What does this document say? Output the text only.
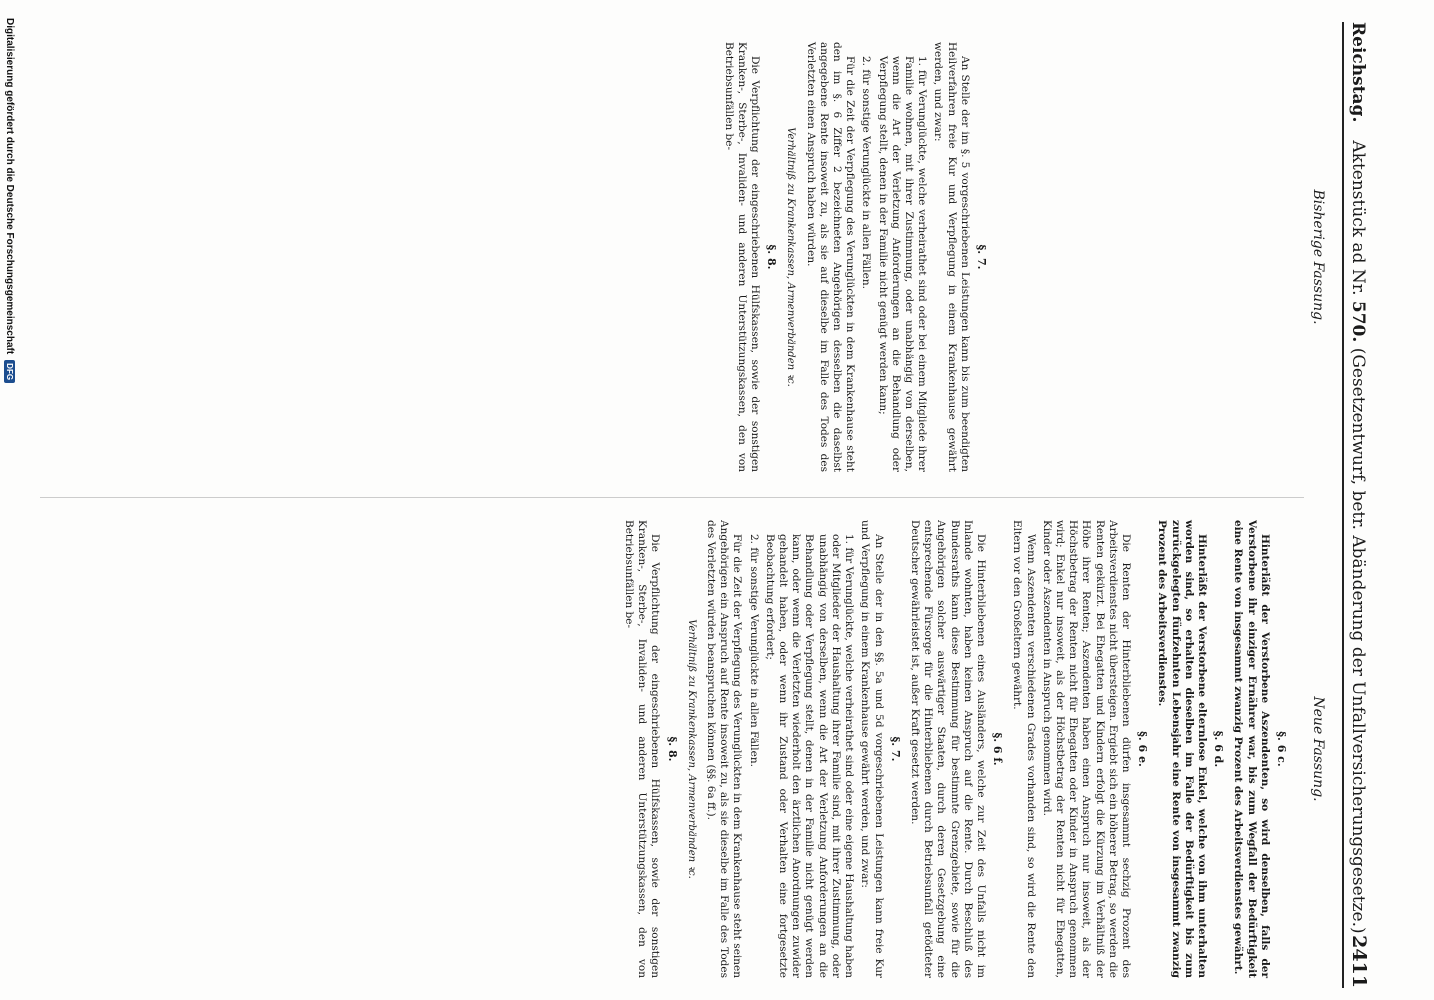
Reichstag.
Aktenstück ad Nr. 570. (Gesetzentwurf, betr. Abänderung der Unfallversicherungsgesetze.)
2411
Bisherige Fassung.
Neue Fassung.
§. 7.

An Stelle der im §. 5 vorgeschriebenen Leistungen kann bis zum beendigten Heilverfahren freie Kur und Verpflegung in einem Krankenhause gewährt werden, und zwar:

1. für Verunglückte, welche verheirathet sind oder bei einem Mitgliede ihrer Familie wohnen, mit ihrer Zustimmung, oder unabhängig von derselben, wenn die Art der Verletzung Anforderungen an die Behandlung oder Verpflegung stellt, denen in der Familie nicht genügt werden kann;

2. für sonstige Verunglückte in allen Fällen.

Für die Zeit der Verpflegung des Verunglückten in dem Krankenhause steht den im §. 6 Ziffer 2 bezeichneten Angehörigen desselben die daselbst angegebene Rente insoweit zu, als sie auf dieselbe im Falle des Todes des Verletzten einen Anspruch haben würden.

Verhältniß zu Krankenkassen, Armenverbänden ꝛc.
§. 8.

Die Verpflichtung der eingeschriebenen Hülfskassen, sowie der sonstigen Kranken-, Sterbe-, Invaliden- und anderen Unterstützungskassen, den von Betriebsunfällen be-

§. 6 c.

Hinterläßt der Verstorbene Aszendenten, so wird denselben, falls der Verstorbene ihr einziger Ernährer war, bis zum Wegfall der Bedürftigkeit eine Rente von insgesammt zwanzig Prozent des Arbeitsverdienstes gewährt.

§. 6 d.

Hinterläßt der Verstorbene elternlose Enkel, welche von ihm unterhalten worden sind, so erhalten dieselben im Falle der Bedürftigkeit bis zum zurückgelegten fünfzehnten Lebensjahr eine Rente von insgesammt zwanzig Prozent des Arbeitsverdienstes.

§. 6 e.

Die Renten der Hinterbliebenen dürfen insgesammt sechzig Prozent des Arbeitsverdienstes nicht übersteigen. Ergiebt sich ein höherer Betrag, so werden die Renten gekürzt. Bei Ehegatten und Kindern erfolgt die Kürzung im Verhältniß der Höhe ihrer Renten; Aszendenten haben einen Anspruch nur insoweit, als der Höchstbetrag der Renten nicht für Ehegatten oder Kinder in Anspruch genommen wird; Enkel nur insoweit, als der Höchstbetrag der Renten nicht für Ehegatten, Kinder oder Aszendenten in Anspruch genommen wird.

Wenn Aszendenten verschiedenen Grades vorhanden sind, so wird die Rente den Eltern vor den Großeltern gewährt.

§. 6 f.

Die Hinterbliebenen eines Ausländers, welche zur Zeit des Unfalls nicht im Inlande wohnten, haben keinen Anspruch auf die Rente. Durch Beschluß des Bundesraths kann diese Bestimmung für bestimmte Grenzgebiete, sowie für die Angehörigen solcher auswärtiger Staaten, durch deren Gesetzgebung eine entsprechende Fürsorge für die Hinterbliebenen durch Betriebsunfall getödteter Deutscher gewährleistet ist, außer Kraft gesetzt werden.

§. 7.

An Stelle der in den §§. 5a und 5d vorgeschriebenen Leistungen kann freie Kur und Verpflegung in einem Krankenhause gewährt werden, und zwar:

1. für Verunglückte, welche verheirathet sind oder eine eigene Haushaltung haben oder Mitglieder der Haushaltung ihrer Familie sind, mit ihrer Zustimmung, oder unabhängig von derselben, wenn die Art der Verletzung Anforderungen an die Behandlung oder Verpflegung stellt, denen in der Familie nicht genügt werden kann, oder wenn die Verletzten wiederholt den ärztlichen Anordnungen zuwider gehandelt haben, oder wenn ihr Zustand oder Verhalten eine fortgesetzte Beobachtung erfordert;

2. für sonstige Verunglückte in allen Fällen.

Für die Zeit der Verpflegung des Verunglückten in dem Krankenhause steht seinen Angehörigen ein Anspruch auf Rente insoweit zu, als sie dieselbe im Falle des Todes des Verletzten würden beanspruchen können (§§. 6a ff.).

Verhältniß zu Krankenkassen, Armenverbänden ꝛc.
§. 8.

Die Verpflichtung der eingeschriebenen Hülfskassen, sowie der sonstigen Kranken-, Sterbe-, Invaliden- und anderen Unterstützungskassen, den von Betriebsunfällen be-

Digitalisierung gefördert durch die Deutsche Forschungsgemeinschaft
DFG
